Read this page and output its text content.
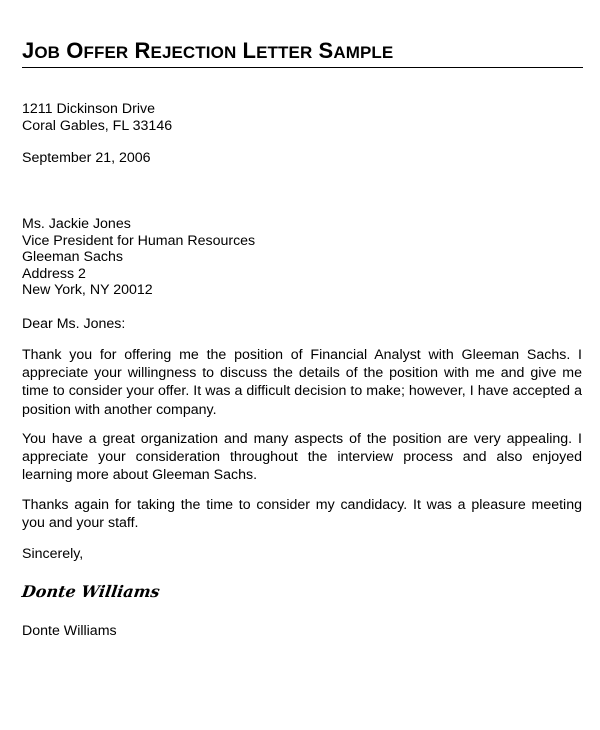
JOB OFFER REJECTION LETTER SAMPLE
1211 Dickinson Drive
Coral Gables, FL 33146
September 21, 2006
Ms. Jackie Jones
Vice President for Human Resources
Gleeman Sachs
Address 2
New York, NY 20012
Dear Ms. Jones:

Thank you for offering me the position of Financial Analyst with Gleeman Sachs. I appreciate your willingness to discuss the details of the position with me and give me time to consider your offer. It was a difficult decision to make; however, I have accepted a position with another company.

You have a great organization and many aspects of the position are very appealing. I appreciate your consideration throughout the interview process and also enjoyed learning more about Gleeman Sachs.

Thanks again for taking the time to consider my candidacy. It was a pleasure meeting you and your staff.

Sincerely,
Donte Williams
Donte Williams
